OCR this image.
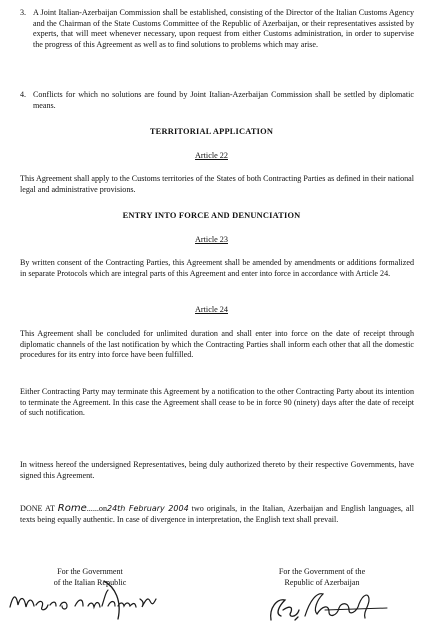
3. A Joint Italian-Azerbaijan Commission shall be established, consisting of the Director of the Italian Customs Agency and the Chairman of the State Customs Committee of the Republic of Azerbaijan, or their representatives assisted by experts, that will meet whenever necessary, upon request from either Customs administration, in order to supervise the progress of this Agreement as well as to find solutions to problems which may arise.
4. Conflicts for which no solutions are found by Joint Italian-Azerbaijan Commission shall be settled by diplomatic means.
TERRITORIAL APPLICATION
Article 22
This Agreement shall apply to the Customs territories of the States of both Contracting Parties as defined in their national legal and administrative provisions.
ENTRY INTO FORCE AND DENUNCIATION
Article 23
By written consent of the Contracting Parties, this Agreement shall be amended by amendments or additions formalized in separate Protocols which are integral parts of this Agreement and enter into force in accordance with Article 24.
Article 24
This Agreement shall be concluded for unlimited duration and shall enter into force on the date of receipt through diplomatic channels of the last notification by which the Contracting Parties shall inform each other that all the domestic procedures for its entry into force have been fulfilled.
Either Contracting Party may terminate this Agreement by a notification to the other Contracting Party about its intention to terminate the Agreement. In this case the Agreement shall cease to be in force 90 (ninety) days after the date of receipt of such notification.
In witness hereof the undersigned Representatives, being duly authorized thereto by their respective Governments, have signed this Agreement.
DONE AT Rome......on24th February 2004 two originals, in the Italian, Azerbaijan and English languages, all texts being equally authentic. In case of divergence in interpretation, the English text shall prevail.
For the Government
of the Italian Republic
For the Government of the
Republic of Azerbaijan
